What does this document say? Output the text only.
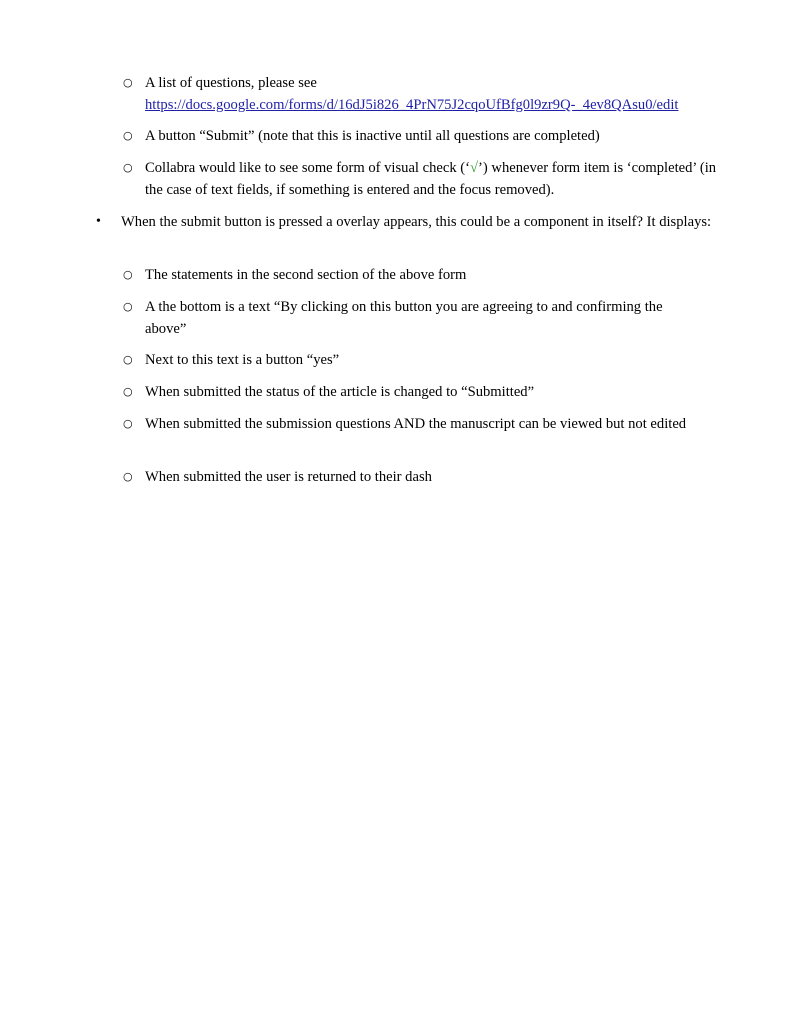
○ A list of questions, please see
https://docs.google.com/forms/d/16dJ5i826_4PrN75J2cqoUfBfg0l9zr9Q-_4ev8QAsu0/edit
○ A button “Submit” (note that this is inactive until all questions are completed)
○ Collabra would like to see some form of visual check (‘√’) whenever form item is ‘completed’ (in the case of text fields, if something is entered and the focus removed).
• When the submit button is pressed a overlay appears, this could be a component in itself? It displays:
○ The statements in the second section of the above form
○ A the bottom is a text “By clicking on this button you are agreeing to and confirming the above”
○ Next to this text is a button “yes”
○ When submitted the status of the article is changed to “Submitted”
○ When submitted the submission questions AND the manuscript can be viewed but not edited
○ When submitted the user is returned to their dash
